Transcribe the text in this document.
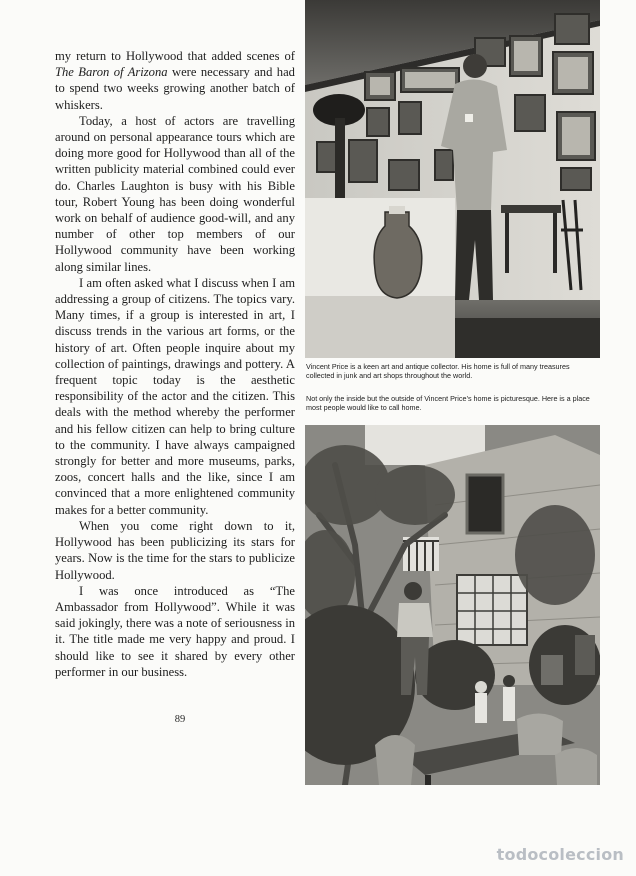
my return to Hollywood that added scenes of The Baron of Arizona were necessary and had to spend two weeks growing another batch of whiskers.

Today, a host of actors are travelling around on personal appearance tours which are doing more good for Hollywood than all of the written publicity material combined could ever do. Charles Laughton is busy with his Bible tour, Robert Young has been doing wonderful work on behalf of audience good-will, and any number of other top members of our Hollywood community have been working along similar lines.

I am often asked what I discuss when I am addressing a group of citizens. The topics vary. Many times, if a group is interested in art, I discuss trends in the various art forms, or the history of art. Often people inquire about my collection of paintings, drawings and pottery. A frequent topic today is the aesthetic responsibility of the actor and the citizen. This deals with the method whereby the performer and his fellow citizen can help to bring culture to the community. I have always campaigned strongly for better and more museums, parks, zoos, concert halls and the like, since I am convinced that a more enlightened community makes for a better community.

When you come right down to it, Hollywood has been publicizing its stars for years. Now is the time for the stars to publicize Hollywood.

I was once introduced as “The Ambassador from Hollywood”. While it was said jokingly, there was a note of seriousness in it. The title made me very happy and proud. I should like to see it shared by every other performer in our business.

89
Vincent Price is a keen art and antique collector. His home is full of many treasures collected in junk and art shops throughout the world.
Not only the inside but the outside of Vincent Price’s home is picturesque. Here is a place most people would like to call home.
todocoleccion
